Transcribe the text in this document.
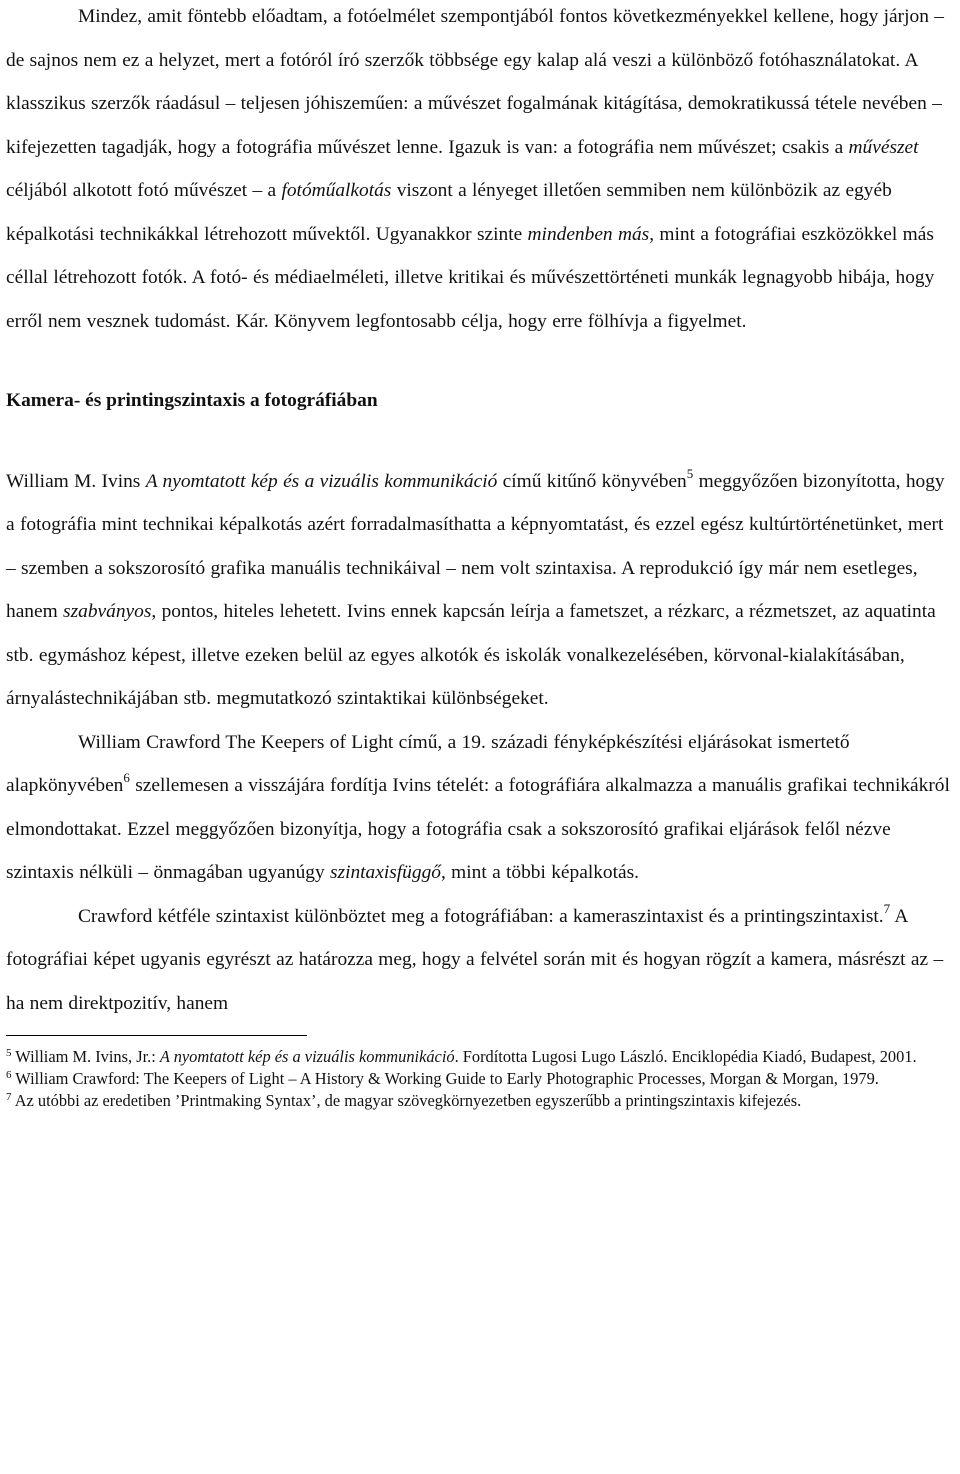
Mindez, amit föntebb előadtam, a fotóelmélet szempontjából fontos következményekkel kellene, hogy járjon – de sajnos nem ez a helyzet, mert a fotóról író szerzők többsége egy kalap alá veszi a különböző fotóhasználatokat. A klasszikus szerzők ráadásul – teljesen jóhiszeműen: a művészet fogalmának kitágítása, demokratikussá tétele nevében – kifejezetten tagadják, hogy a fotográfia művészet lenne. Igazuk is van: a fotográfia nem művészet; csakis a művészet céljából alkotott fotó művészet – a fotóműalkotás viszont a lényeget illetően semmiben nem különbözik az egyéb képalkotási technikákkal létrehozott művektől. Ugyanakkor szinte mindenben más, mint a fotográfiai eszközökkel más céllal létrehozott fotók. A fotó- és médiaelméleti, illetve kritikai és művészettörténeti munkák legnagyobb hibája, hogy erről nem vesznek tudomást. Kár. Könyvem legfontosabb célja, hogy erre fölhívja a figyelmet.

Kamera- és printingszintaxis a fotográfiában

William M. Ivins A nyomtatott kép és a vizuális kommunikáció című kitűnő könyvében$^5$ meggyőzően bizonyította, hogy a fotográfia mint technikai képalkotás azért forradalmasíthatta a képnyomtatást, és ezzel egész kultúrtörténetünket, mert – szemben a sokszorosító grafika manuális technikáival – nem volt szintaxisa. A reprodukció így már nem esetleges, hanem szabványos, pontos, hiteles lehetett. Ivins ennek kapcsán leírja a fametszet, a rézkarc, a rézmetszet, az aquatinta stb. egymáshoz képest, illetve ezeken belül az egyes alkotók és iskolák vonalkezelésében, körvonal-kialakításában, árnyalástechnikájában stb. megmutatkozó szintaktikai különbségeket.

William Crawford The Keepers of Light című, a 19. századi fényképkészítési eljárásokat ismertető alapkönyvében$^6$ szellemesen a visszájára fordítja Ivins tételét: a fotográfiára alkalmazza a manuális grafikai technikákról elmondottakat. Ezzel meggyőzően bizonyítja, hogy a fotográfia csak a sokszorosító grafikai eljárások felől nézve szintaxis nélküli – önmagában ugyanúgy szintaxisfüggő, mint a többi képalkotás.

Crawford kétféle szintaxist különböztet meg a fotográfiában: a kameraszintaxist és a printingszintaxist.$^7$ A fotográfiai képet ugyanis egyrészt az határozza meg, hogy a felvétel során mit és hogyan rögzít a kamera, másrészt az – ha nem direktpozitív, hanem

$^5$ William M. Ivins, Jr.: A nyomtatott kép és a vizuális kommunikáció. Fordította Lugosi Lugo László. Enciklopédia Kiadó, Budapest, 2001.

$^6$ William Crawford: The Keepers of Light – A History & Working Guide to Early Photographic Processes, Morgan & Morgan, 1979.

$^7$ Az utóbbi az eredetiben ’Printmaking Syntax’, de magyar szövegkörnyezetben egyszerűbb a printingszintaxis kifejezés.
